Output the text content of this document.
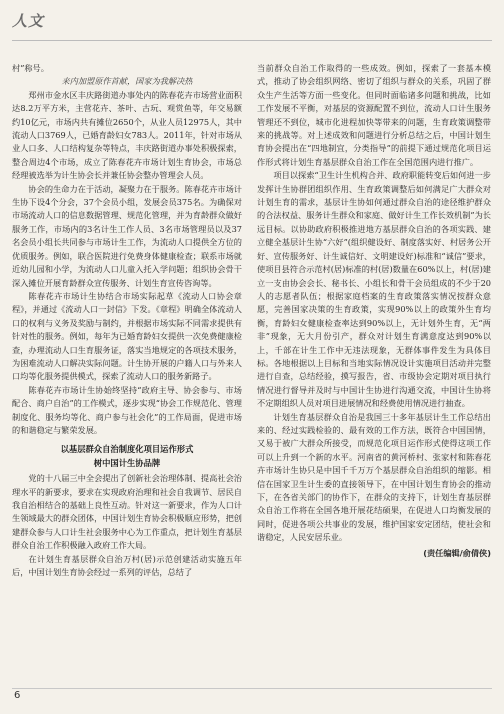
人文

村”称号。

来内加盟原作首献，国家为我解决热

郑州市金水区丰庆路街道办事处内的陈春花卉市场营业面积达8.2万平方米，主营花卉、茶叶、古玩、观赏鱼等，年交易额约10亿元，市场内共有摊位2650个，从业人员12975人，其中流动人口3769人，已婚育龄妇女783人。2011年，针对市场从业人口多、人口结构复杂等特点，丰庆路街道办事处积极探索，整合周边4个市场，成立了陈春花卉市场计划生育协会，市场总经理被选举为计生协会长并兼任协会整办管理会人员。

协会的生命力在于活动，凝聚力在于服务。陈春花卉市场计生协下设4个分会，37个会员小组，发展会员375名。为确保对市场流动人口的信息数据管理、规范化管理，并为育龄群众做好服务工作，市场内的3名计生工作人员、3名市场管理员以及37名会员小组长共同参与市场计生工作，为流动人口提供全方位的优质服务。例如，联合医院进行免费身体健康检查；联系市场就近幼儿园和小学，为流动人口儿童入托入学问题；组织协会骨干深入摊位开展育龄群众宣传服务、计划生育宣传咨询等。

陈春花卉市场计生协结合市场实际起草《流动人口协会章程》，并通过《流动人口一封信》下发。《章程》明确全体流动人口的权利与义务及奖励与制约，并根据市场实际不同需求提供有针对性的服务。例如，每年为已婚育龄妇女提供一次免费健康检查，办理流动人口生育服务证，落实当地规定的各项技术服务，为困难流动人口解决实际问题。计生协开展的户籍人口与外来人口均等化服务提供模式，探索了流动人口的服务新路子。

陈春花卉市场计生协始终坚持“政府主导、协会参与、市场配合、商户自治”的工作模式，逐步实现“协会工作规范化、管理制度化、服务均等化、商户参与社会化”的工作局面，促进市场的和谐稳定与繁荣发展。

以基层群众自治制度化项目运作形式

树中国计生协品牌

党的十八届三中全会提出了创新社会治理体制、提高社会治理水平的新要求，要求在实现政府治理和社会自我调节、居民自我自治相结合的基础上良性互动。针对这一新要求，作为人口计生领域最大的群众团体，中国计划生育协会积极顺应形势，把创建群众参与人口计生社会服务中心为工作重点，把计划生育基层群众自治工作积极融入政府工作大局。

在计划生育基层群众自治万村(居)示范创建活动实施五年后，中国计划生育协会经过一系列的评估，总结了

当前群众自治工作取得的一些成效。例如，探索了一套基本模式，推动了协会组织网络、密切了组织与群众的关系，巩固了群众生产生活等方面一些变化。但同时面临诸多问题和挑战，比如工作发展不平衡，对基层的资源配置不到位，流动人口计生服务管理还不到位，城市化进程加快等带来的问题，生育政策调整带来的挑战等。对上述成效和问题进行分析总结之后，中国计划生育协会提出在“四地制宜，分类指导”的前提下通过规范化项目运作形式将计划生育基层群众自治工作在全国范围内进行推广。

项目以探索“卫生计生机构合并、政府职能转变后如何进一步发挥计生协群团组织作用、生育政策调整后如何满足广大群众对计划生育的需求，基层计生协如何通过群众自治的途径维护群众的合法权益、服务计生群众和家庭、做好计生工作长效机制”为长远目标。以协助政府积极推进地方基层群众自治的各项实践、建立健全基层计生协“六好”(组织健设好、制度落实好、村居务公开好、宣传服务好、计生诚信好、文明建设好)标准和“诚信”要求，使项目县符合示范村(居)标准的村(居)数量在60%以上，村(居)建立一支由协会会长、秘书长、小组长和骨干会员组成的不少于20人的志愿者队伍；根据家庭档案的生育政策落实情况按群众意愿，完善国家决策的生育政策，实现90%以上的政策外生育均衡，育龄妇女健康检查率达到90%以上，无计划外生育，无“两非”现象，无大月份引产，群众对计划生育满意度达到90%以上，千部在计生工作中无违法现象，无群体事件发生为具体目标。各地根据以上目标和当地实际情况设计实施项目活动并完整进行自查，总结经验，摸写报告，省、市级协会定期对项目执行情况进行督导并及时与中国计生协进行沟通交流，中国计生协将不定期组织人员对项目进展情况和经费使用情况进行抽查。

计划生育基层群众自治是我国三十多年基层计生工作总结出来的、经过实践检验的、最有效的工作方法，既符合中国国情，又易于被广大群众所接受，而规范化项目运作形式使得这项工作可以上升到一个新的水平。河南省的黄河桥村、张家村和陈春花卉市场计生协只是中国千千万万个基层群众自治组织的缩影。相信在国家卫生计生委的直接领导下，在中国计划生育协会的推动下，在各省关部门的协作下，在群众的支持下，计划生育基层群众自治工作将在全国各地开展花结硕果，在促进人口均衡发展的同时，促进各项公共事业的发展，维护国家安定团结，使社会和谐稳定，人民安居乐业。

(责任编辑/俞倩侠)

6
